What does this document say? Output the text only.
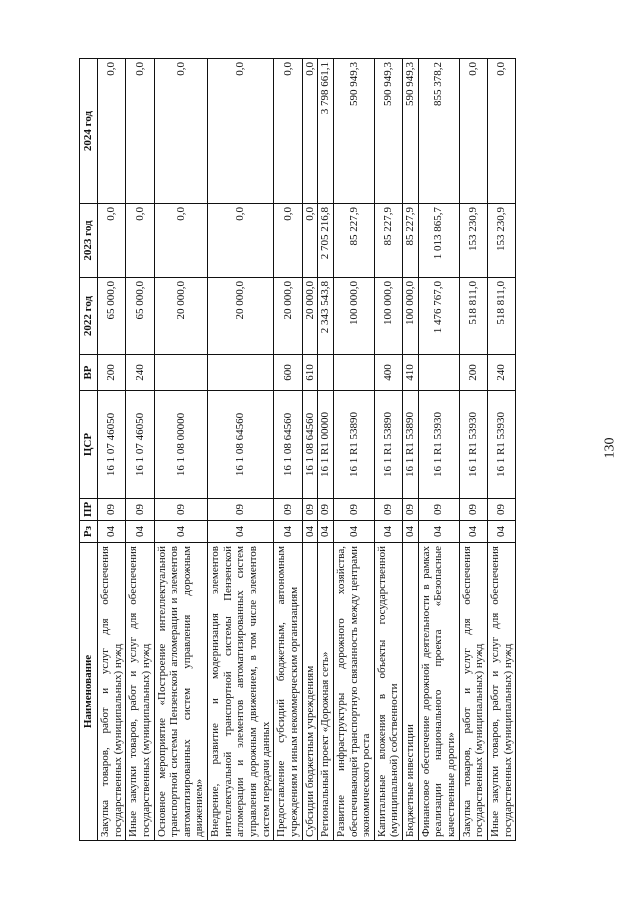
130
Наименование	Рз	ПР	ЦСР	ВР	2022 год	2023 год	2024 год
Закупка товаров, работ и услуг для обеспечения государственных (муниципальных) нужд	04	09	16 1 07 46050	200	65 000,0	0,0	0,0
Иные закупки товаров, работ и услуг для обеспечения государственных (муниципальных) нужд	04	09	16 1 07 46050	240	65 000,0	0,0	0,0
Основное мероприятие «Построение интеллектуальной транспортной системы Пензенской агломерации и элементов автоматизированных систем управления дорожным движением»	04	09	16 1 08 00000		20 000,0	0,0	0,0
Внедрение, развитие и модернизация элементов интеллектуальной транспортной системы Пензенской агломерации и элементов автоматизированных систем управления дорожным движением, в том числе элементов систем передачи данных	04	09	16 1 08 64560		20 000,0	0,0	0,0
Предоставление субсидий бюджетным, автономным учреждениям и иным некоммерческим организациям	04	09	16 1 08 64560	600	20 000,0	0,0	0,0
Субсидии бюджетным учреждениям	04	09	16 1 08 64560	610	20 000,0	0,0	0,0
Региональный проект «Дорожная сеть»	04	09	16 1 R1 00000		2 343 543,8	2 705 216,8	3 798 661,1
Развитие инфраструктуры дорожного хозяйства, обеспечивающей транспортную связанность между центрами экономического роста	04	09	16 1 R1 53890		100 000,0	85 227,9	590 949,3
Капитальные вложения в объекты государственной (муниципальной) собственности	04	09	16 1 R1 53890	400	100 000,0	85 227,9	590 949,3
Бюджетные инвестиции	04	09	16 1 R1 53890	410	100 000,0	85 227,9	590 949,3
Финансовое обеспечение дорожной деятельности в рамках реализации национального проекта «Безопасные качественные дороги»	04	09	16 1 R1 53930		1 476 767,0	1 013 865,7	855 378,2
Закупка товаров, работ и услуг для обеспечения государственных (муниципальных) нужд	04	09	16 1 R1 53930	200	518 811,0	153 230,9	0,0
Иные закупки товаров, работ и услуг для обеспечения государственных (муниципальных) нужд	04	09	16 1 R1 53930	240	518 811,0	153 230,9	0,0
